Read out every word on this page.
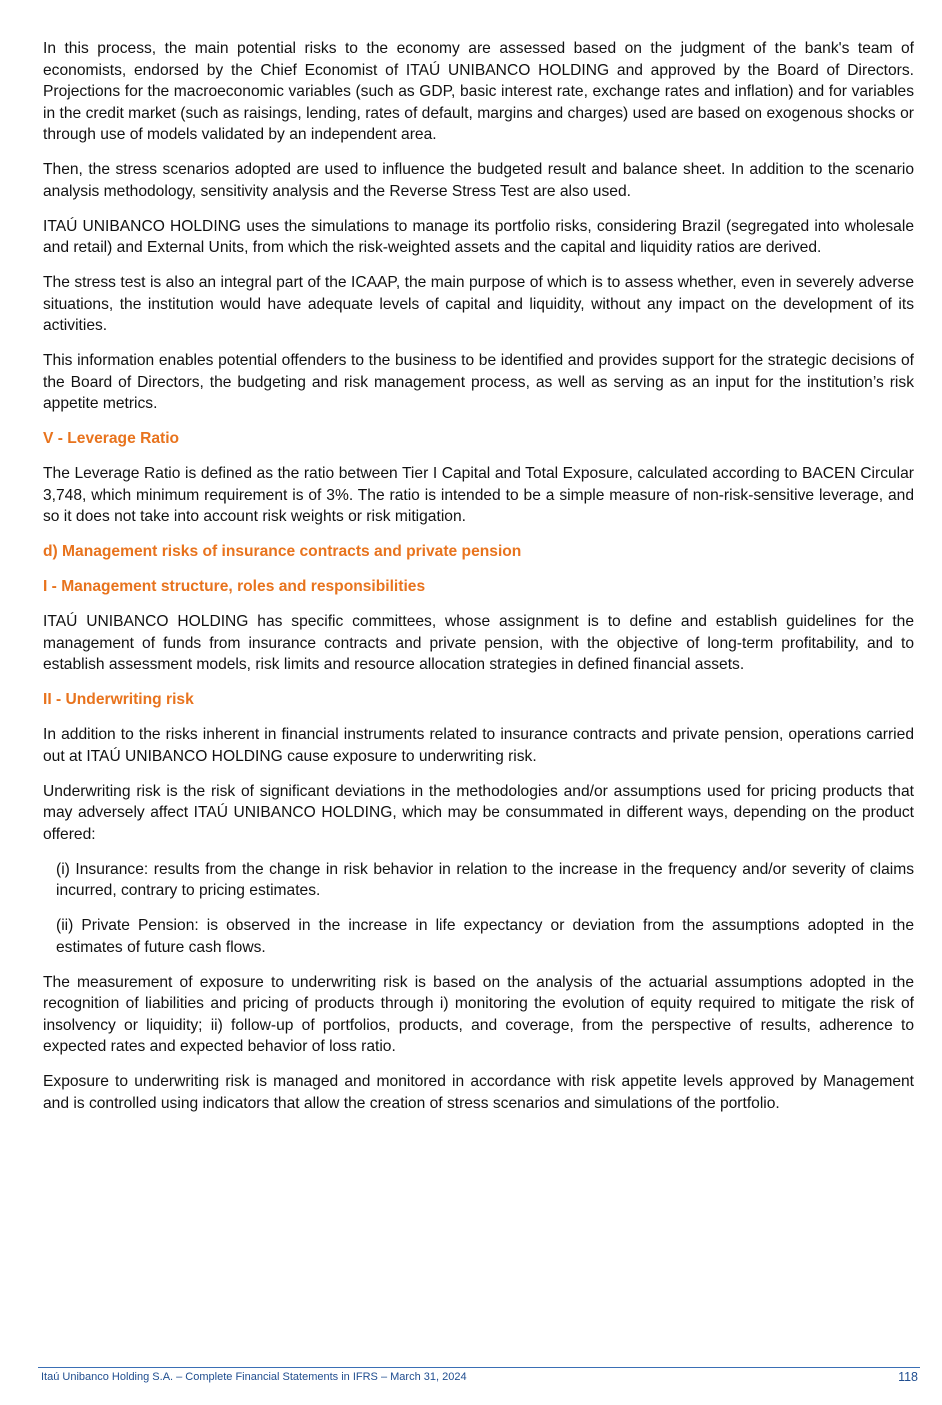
In this process, the main potential risks to the economy are assessed based on the judgment of the bank's team of economists, endorsed by the Chief Economist of ITAÚ UNIBANCO HOLDING and approved by the Board of Directors. Projections for the macroeconomic variables (such as GDP, basic interest rate, exchange rates and inflation) and for variables in the credit market (such as raisings, lending, rates of default, margins and charges) used are based on exogenous shocks or through use of models validated by an independent area.

Then, the stress scenarios adopted are used to influence the budgeted result and balance sheet. In addition to the scenario analysis methodology, sensitivity analysis and the Reverse Stress Test are also used.

ITAÚ UNIBANCO HOLDING uses the simulations to manage its portfolio risks, considering Brazil (segregated into wholesale and retail) and External Units, from which the risk-weighted assets and the capital and liquidity ratios are derived.

The stress test is also an integral part of the ICAAP, the main purpose of which is to assess whether, even in severely adverse situations, the institution would have adequate levels of capital and liquidity, without any impact on the development of its activities.

This information enables potential offenders to the business to be identified and provides support for the strategic decisions of the Board of Directors, the budgeting and risk management process, as well as serving as an input for the institution’s risk appetite metrics.

V - Leverage Ratio

The Leverage Ratio is defined as the ratio between Tier I Capital and Total Exposure, calculated according to BACEN Circular 3,748, which minimum requirement is of 3%. The ratio is intended to be a simple measure of non-risk-sensitive leverage, and so it does not take into account risk weights or risk mitigation.

d) Management risks of insurance contracts and private pension
I - Management structure, roles and responsibilities

ITAÚ UNIBANCO HOLDING has specific committees, whose assignment is to define and establish guidelines for the management of funds from insurance contracts and private pension, with the objective of long-term profitability, and to establish assessment models, risk limits and resource allocation strategies in defined financial assets.

II - Underwriting risk

In addition to the risks inherent in financial instruments related to insurance contracts and private pension, operations carried out at ITAÚ UNIBANCO HOLDING cause exposure to underwriting risk.

Underwriting risk is the risk of significant deviations in the methodologies and/or assumptions used for pricing products that may adversely affect ITAÚ UNIBANCO HOLDING, which may be consummated in different ways, depending on the product offered:

(i) Insurance: results from the change in risk behavior in relation to the increase in the frequency and/or severity of claims incurred, contrary to pricing estimates.

(ii) Private Pension: is observed in the increase in life expectancy or deviation from the assumptions adopted in the estimates of future cash flows.

The measurement of exposure to underwriting risk is based on the analysis of the actuarial assumptions adopted in the recognition of liabilities and pricing of products through i) monitoring the evolution of equity required to mitigate the risk of insolvency or liquidity; ii) follow-up of portfolios, products, and coverage, from the perspective of results, adherence to expected rates and expected behavior of loss ratio.

Exposure to underwriting risk is managed and monitored in accordance with risk appetite levels approved by Management and is controlled using indicators that allow the creation of stress scenarios and simulations of the portfolio.

Itaú Unibanco Holding S.A. – Complete Financial Statements in IFRS – March 31, 2024	118
